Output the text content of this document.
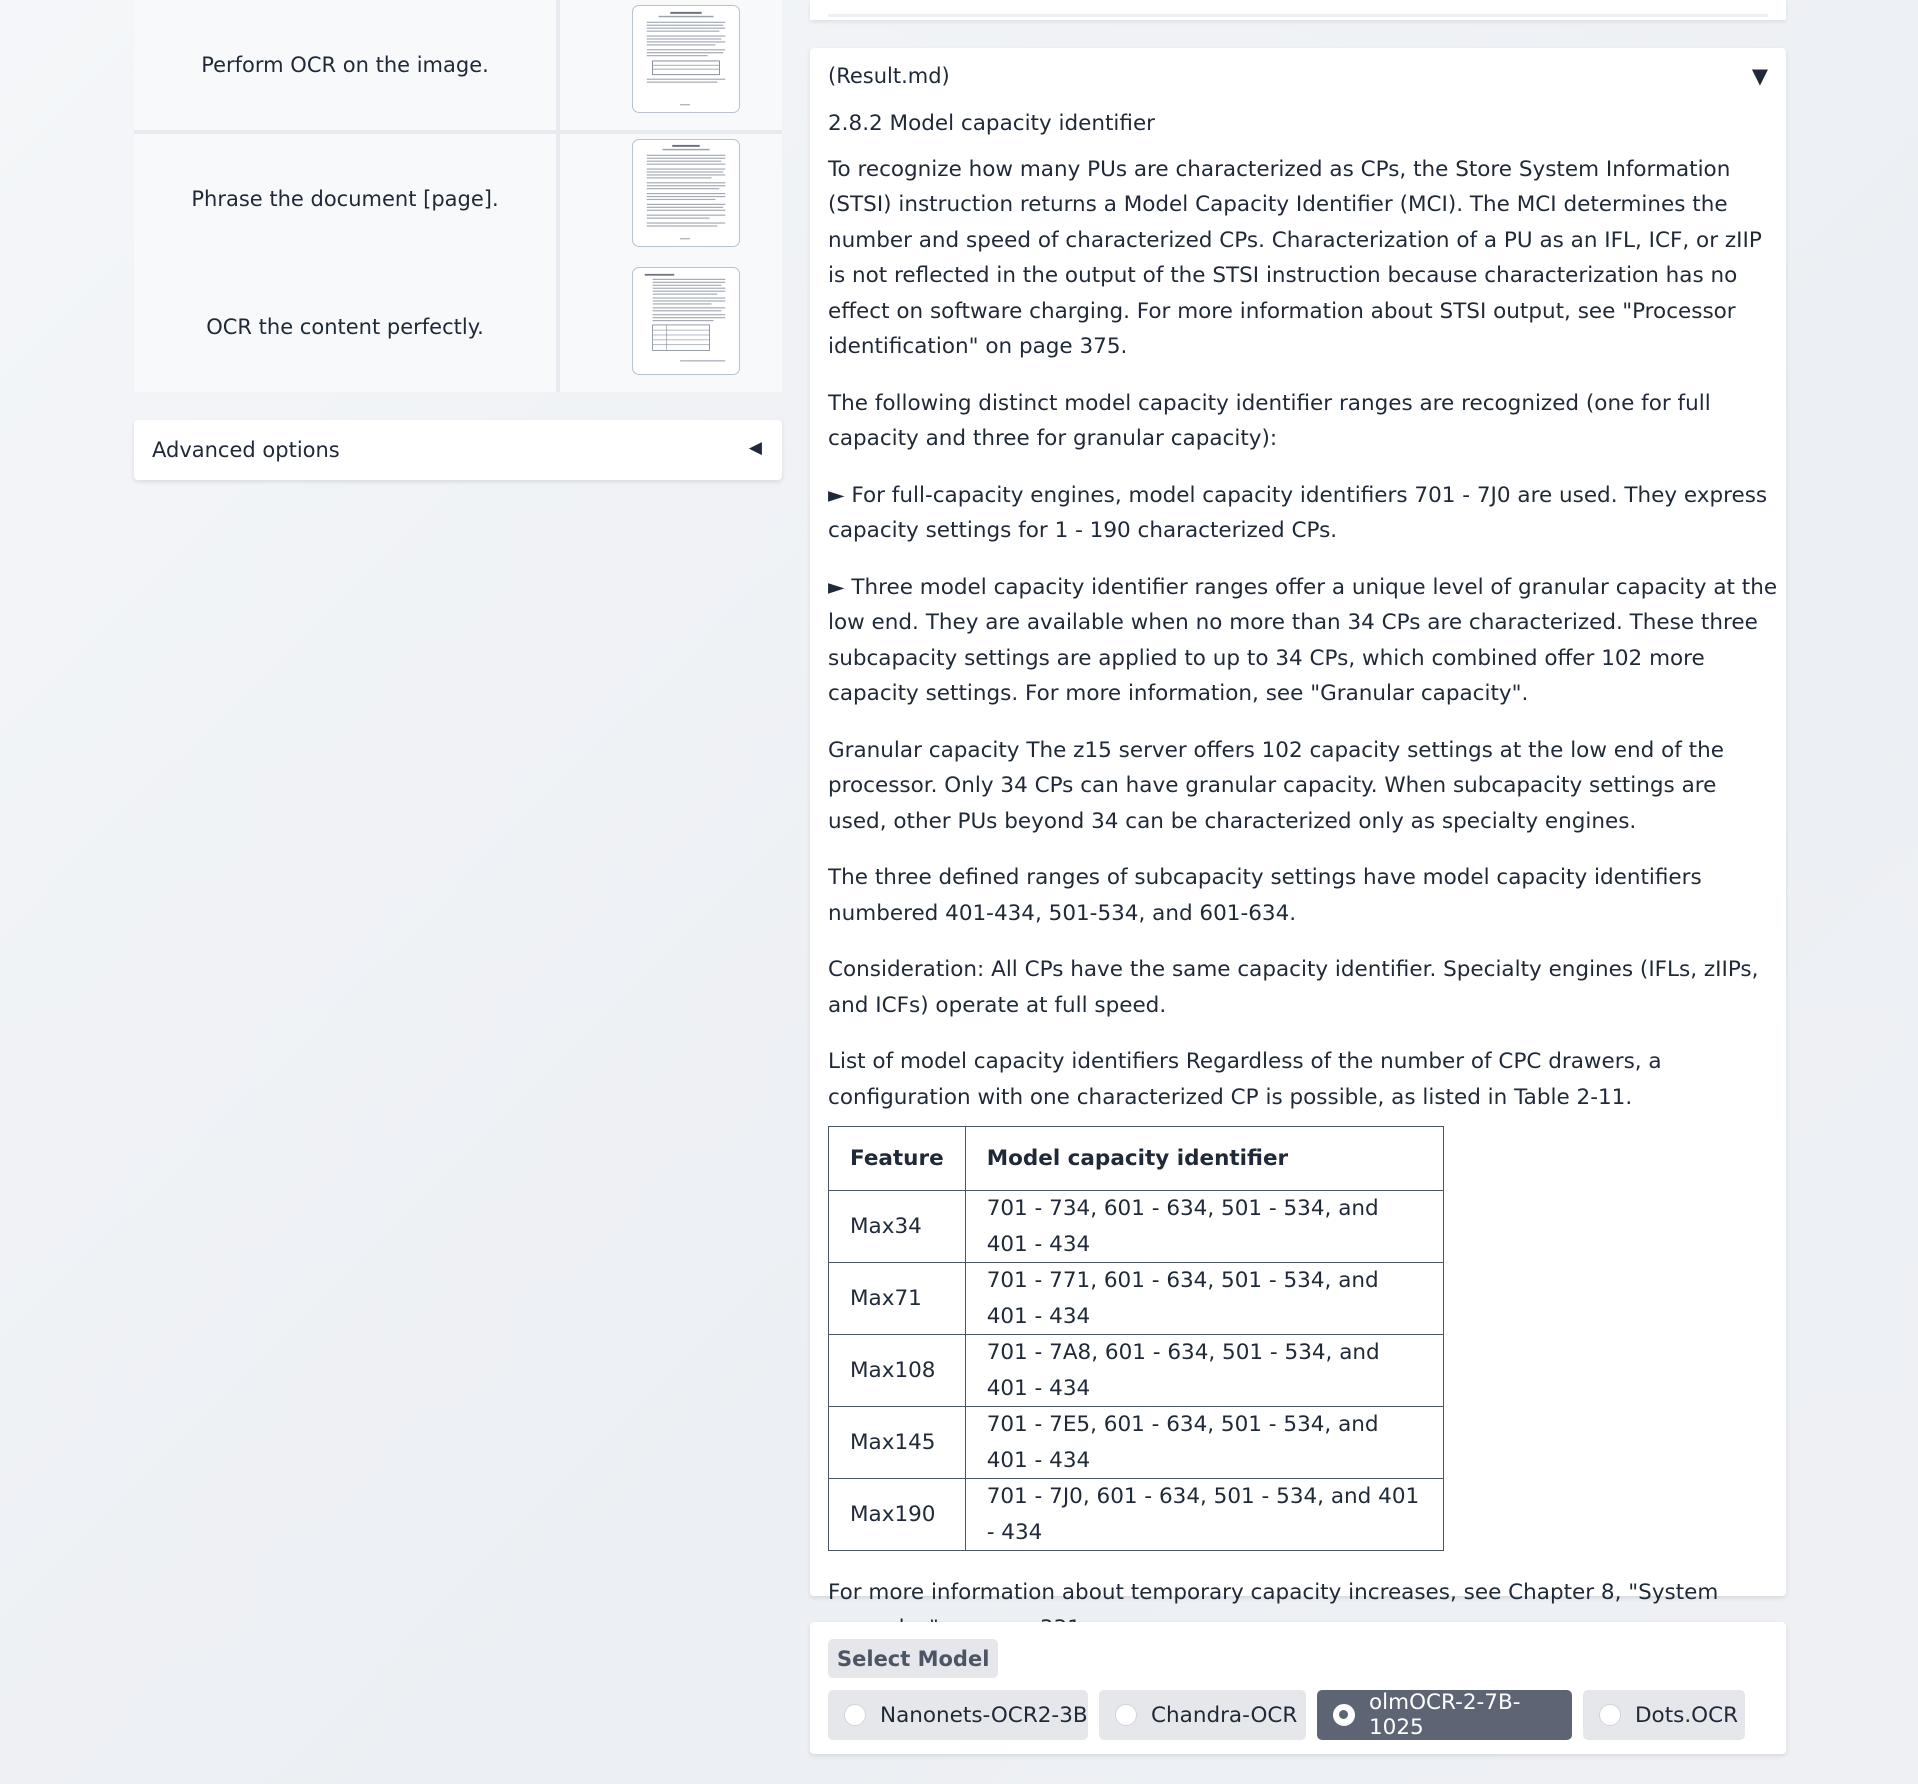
Perform OCR on the image.
Phrase the document [page].
OCR the content perfectly.
Advanced options	◀
(Result.md)	▼
2.8.2 Model capacity identifier

To recognize how many PUs are characterized as CPs, the Store System Information (STSI) instruction returns a Model Capacity Identifier (MCI). The MCI determines the number and speed of characterized CPs. Characterization of a PU as an IFL, ICF, or zIIP is not reflected in the output of the STSI instruction because characterization has no effect on software charging. For more information about STSI output, see "Processor identification" on page 375.

The following distinct model capacity identifier ranges are recognized (one for full capacity and three for granular capacity):

► For full-capacity engines, model capacity identifiers 701 - 7J0 are used. They express capacity settings for 1 - 190 characterized CPs.

► Three model capacity identifier ranges offer a unique level of granular capacity at the low end. They are available when no more than 34 CPs are characterized. These three subcapacity settings are applied to up to 34 CPs, which combined offer 102 more capacity settings. For more information, see "Granular capacity".

Granular capacity The z15 server offers 102 capacity settings at the low end of the processor. Only 34 CPs can have granular capacity. When subcapacity settings are used, other PUs beyond 34 can be characterized only as specialty engines.

The three defined ranges of subcapacity settings have model capacity identifiers numbered 401-434, 501-534, and 601-634.

Consideration: All CPs have the same capacity identifier. Specialty engines (IFLs, zIIPs, and ICFs) operate at full speed.

List of model capacity identifiers Regardless of the number of CPC drawers, a configuration with one characterized CP is possible, as listed in Table 2-11.

Feature	Model capacity identifier
Max34	701 - 734, 601 - 634, 501 - 534, and 401 - 434
Max71	701 - 771, 601 - 634, 501 - 534, and 401 - 434
Max108	701 - 7A8, 601 - 634, 501 - 534, and 401 - 434
Max145	701 - 7E5, 601 - 634, 501 - 534, and 401 - 434
Max190	701 - 7J0, 601 - 634, 501 - 534, and 401 - 434

For more information about temporary capacity increases, see Chapter 8, "System

Select Model
Nanonets-OCR2-3B	Chandra-OCR	olmOCR-2-7B-1025	Dots.OCR
